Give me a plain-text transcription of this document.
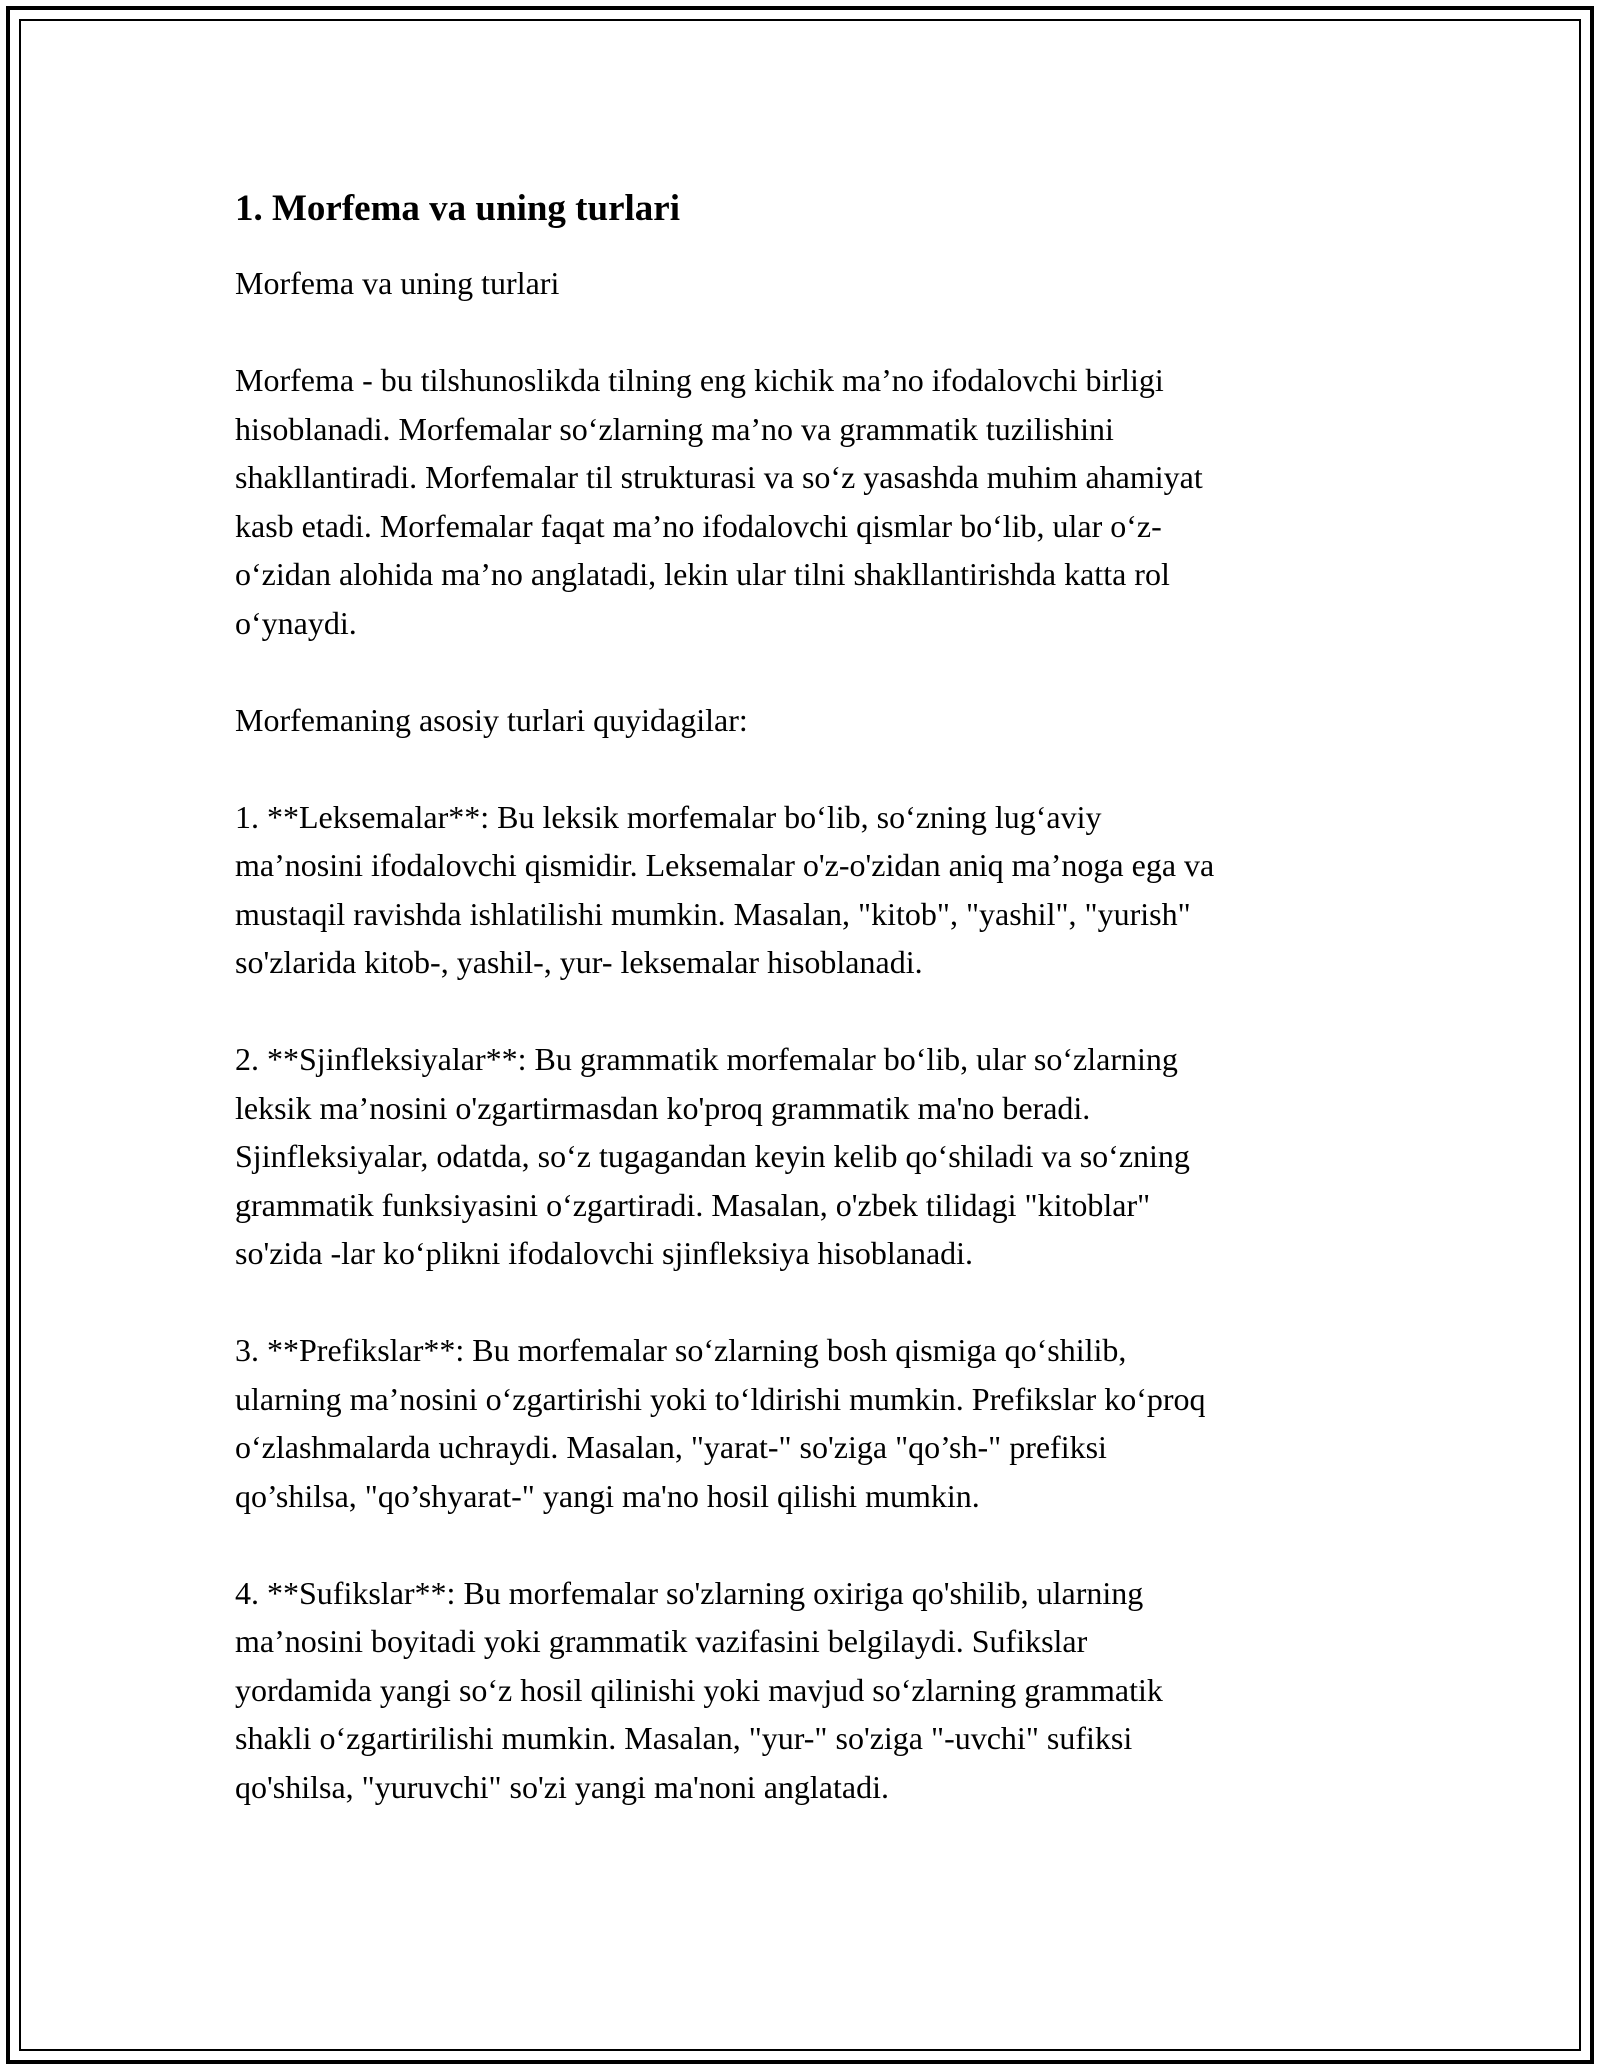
1. Morfema va uning turlari

Morfema va uning turlari

Morfema - bu tilshunoslikda tilning eng kichik ma’no ifodalovchi birligi
hisoblanadi. Morfemalar so‘zlarning ma’no va grammatik tuzilishini
shakllantiradi. Morfemalar til strukturasi va so‘z yasashda muhim ahamiyat
kasb etadi. Morfemalar faqat ma’no ifodalovchi qismlar bo‘lib, ular o‘z-
o‘zidan alohida ma’no anglatadi, lekin ular tilni shakllantirishda katta rol
o‘ynaydi.

Morfemaning asosiy turlari quyidagilar:

1. **Leksemalar**: Bu leksik morfemalar bo‘lib, so‘zning lug‘aviy
ma’nosini ifodalovchi qismidir. Leksemalar o'z-o'zidan aniq ma’noga ega va
mustaqil ravishda ishlatilishi mumkin. Masalan, "kitob", "yashil", "yurish"
so'zlarida kitob-, yashil-, yur- leksemalar hisoblanadi.

2. **Sjinfleksiyalar**: Bu grammatik morfemalar bo‘lib, ular so‘zlarning
leksik ma’nosini o'zgartirmasdan ko'proq grammatik ma'no beradi.
Sjinfleksiyalar, odatda, so‘z tugagandan keyin kelib qo‘shiladi va so‘zning
grammatik funksiyasini o‘zgartiradi. Masalan, o'zbek tilidagi "kitoblar"
so'zida -lar ko‘plikni ifodalovchi sjinfleksiya hisoblanadi.

3. **Prefikslar**: Bu morfemalar so‘zlarning bosh qismiga qo‘shilib,
ularning ma’nosini o‘zgartirishi yoki to‘ldirishi mumkin. Prefikslar ko‘proq
o‘zlashmalarda uchraydi. Masalan, "yarat-" so'ziga "qo’sh-" prefiksi
qo’shilsa, "qo’shyarat-" yangi ma'no hosil qilishi mumkin.

4. **Sufikslar**: Bu morfemalar so'zlarning oxiriga qo'shilib, ularning
ma’nosini boyitadi yoki grammatik vazifasini belgilaydi. Sufikslar
yordamida yangi so‘z hosil qilinishi yoki mavjud so‘zlarning grammatik
shakli o‘zgartirilishi mumkin. Masalan, "yur-" so'ziga "-uvchi" sufiksi
qo'shilsa, "yuruvchi" so'zi yangi ma'noni anglatadi.
